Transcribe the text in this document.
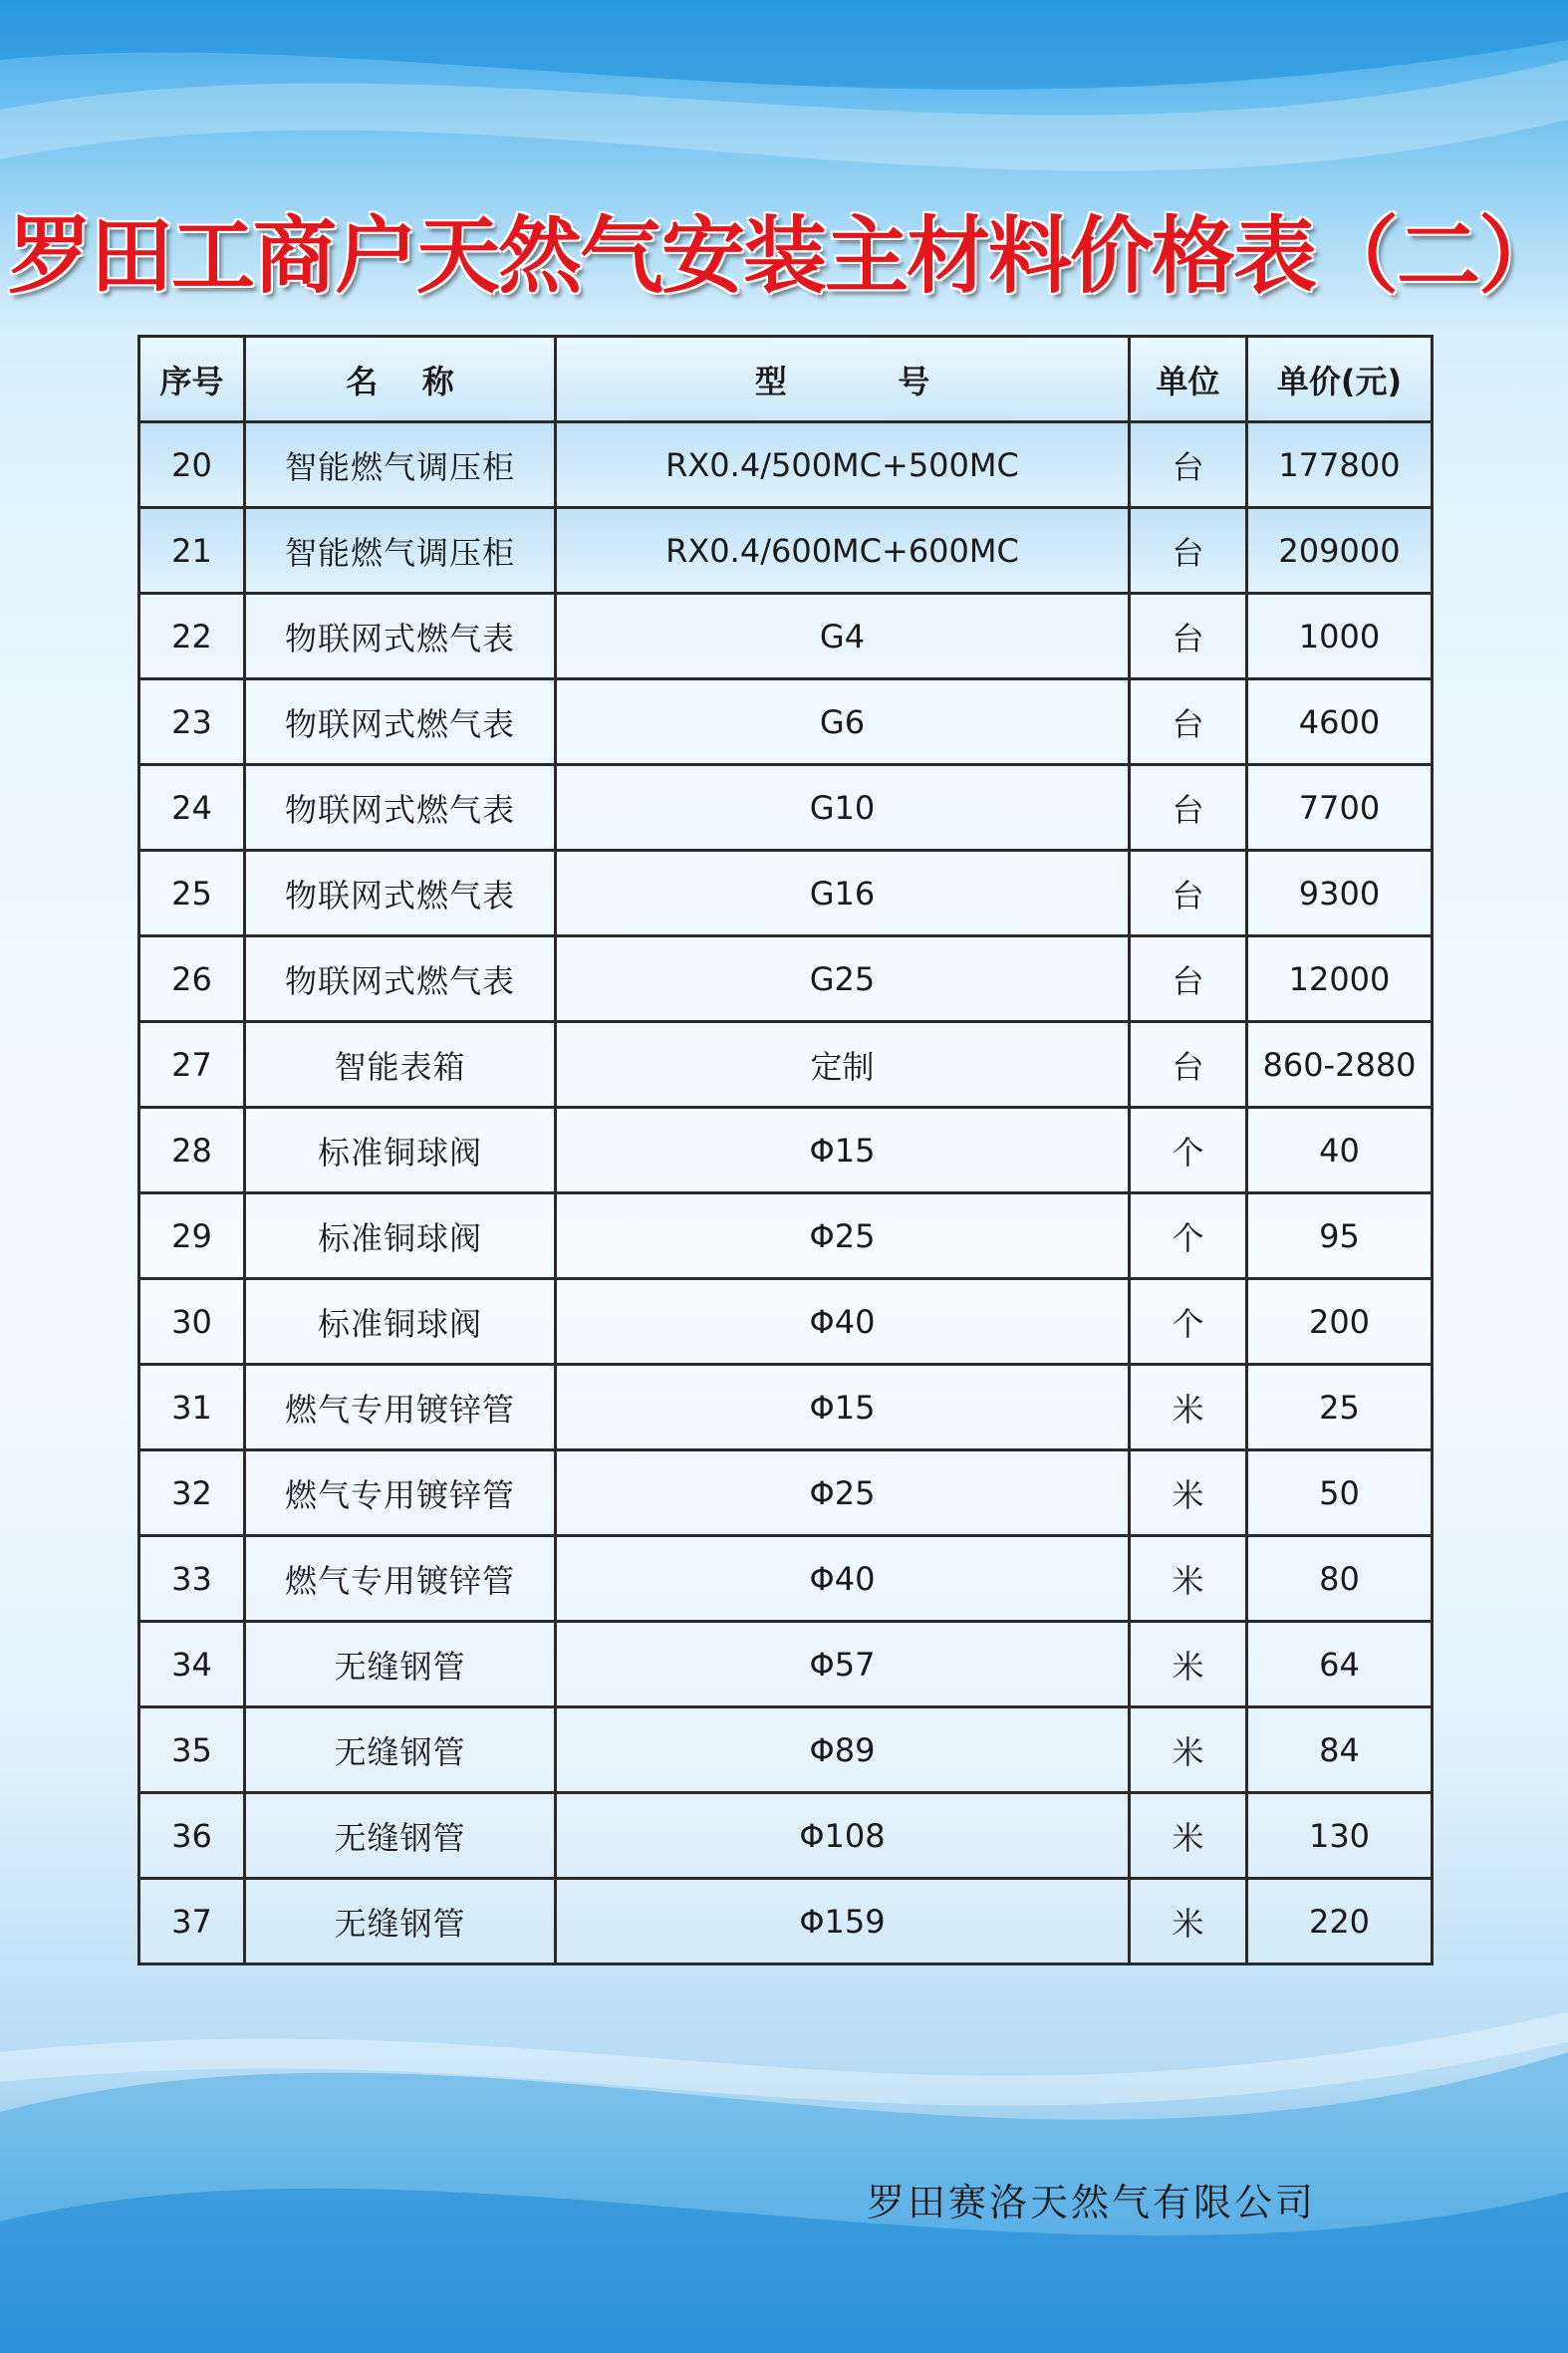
罗田工商户天然气安装主材料价格表（二）
序号	名    称	型          号	单位	单价(元)
20	智能燃气调压柜	RX0.4/500MC+500MC	台	177800
21	智能燃气调压柜	RX0.4/600MC+600MC	台	209000
22	物联网式燃气表	G4	台	1000
23	物联网式燃气表	G6	台	4600
24	物联网式燃气表	G10	台	7700
25	物联网式燃气表	G16	台	9300
26	物联网式燃气表	G25	台	12000
27	智能表箱	定制	台	860-2880
28	标准铜球阀	Φ15	个	40
29	标准铜球阀	Φ25	个	95
30	标准铜球阀	Φ40	个	200
31	燃气专用镀锌管	Φ15	米	25
32	燃气专用镀锌管	Φ25	米	50
33	燃气专用镀锌管	Φ40	米	80
34	无缝钢管	Φ57	米	64
35	无缝钢管	Φ89	米	84
36	无缝钢管	Φ108	米	130
37	无缝钢管	Φ159	米	220
罗田赛洛天然气有限公司
